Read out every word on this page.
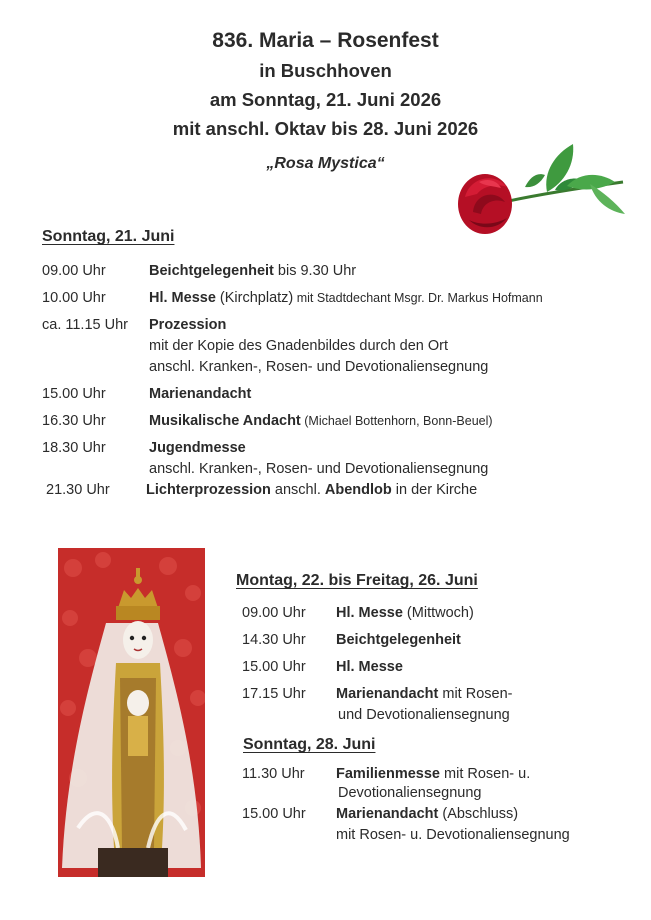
836. Maria – Rosenfest
in Buschhoven
am Sonntag, 21. Juni 2026
mit anschl. Oktav bis 28. Juni 2026
„Rosa Mystica“
Sonntag, 21. Juni
09.00 Uhr	Beichtgelegenheit bis 9.30 Uhr
10.00 Uhr	Hl. Messe (Kirchplatz) mit Stadtdechant Msgr. Dr. Markus Hofmann
ca. 11.15 Uhr Prozession
mit der Kopie des Gnadenbildes durch den Ort
anschl. Kranken-, Rosen- und Devotionaliensegnung
15.00 Uhr	Marienandacht
16.30 Uhr	Musikalische Andacht (Michael Bottenhorn, Bonn-Beuel)
18.30 Uhr	Jugendmesse
anschl. Kranken-, Rosen- und Devotionaliensegnung
21.30 Uhr	Lichterprozession anschl. Abendlob in der Kirche
Montag, 22. bis Freitag, 26. Juni
09.00 Uhr Hl. Messe (Mittwoch)
14.30 Uhr Beichtgelegenheit
15.00 Uhr Hl. Messe
17.15 Uhr Marienandacht mit Rosen-
und Devotionaliensegnung
Sonntag, 28. Juni
11.30 Uhr Familienmesse mit Rosen- u.
Devotionaliensegnung
15.00 Uhr Marienandacht (Abschluss)
mit Rosen- u. Devotionaliensegnung
